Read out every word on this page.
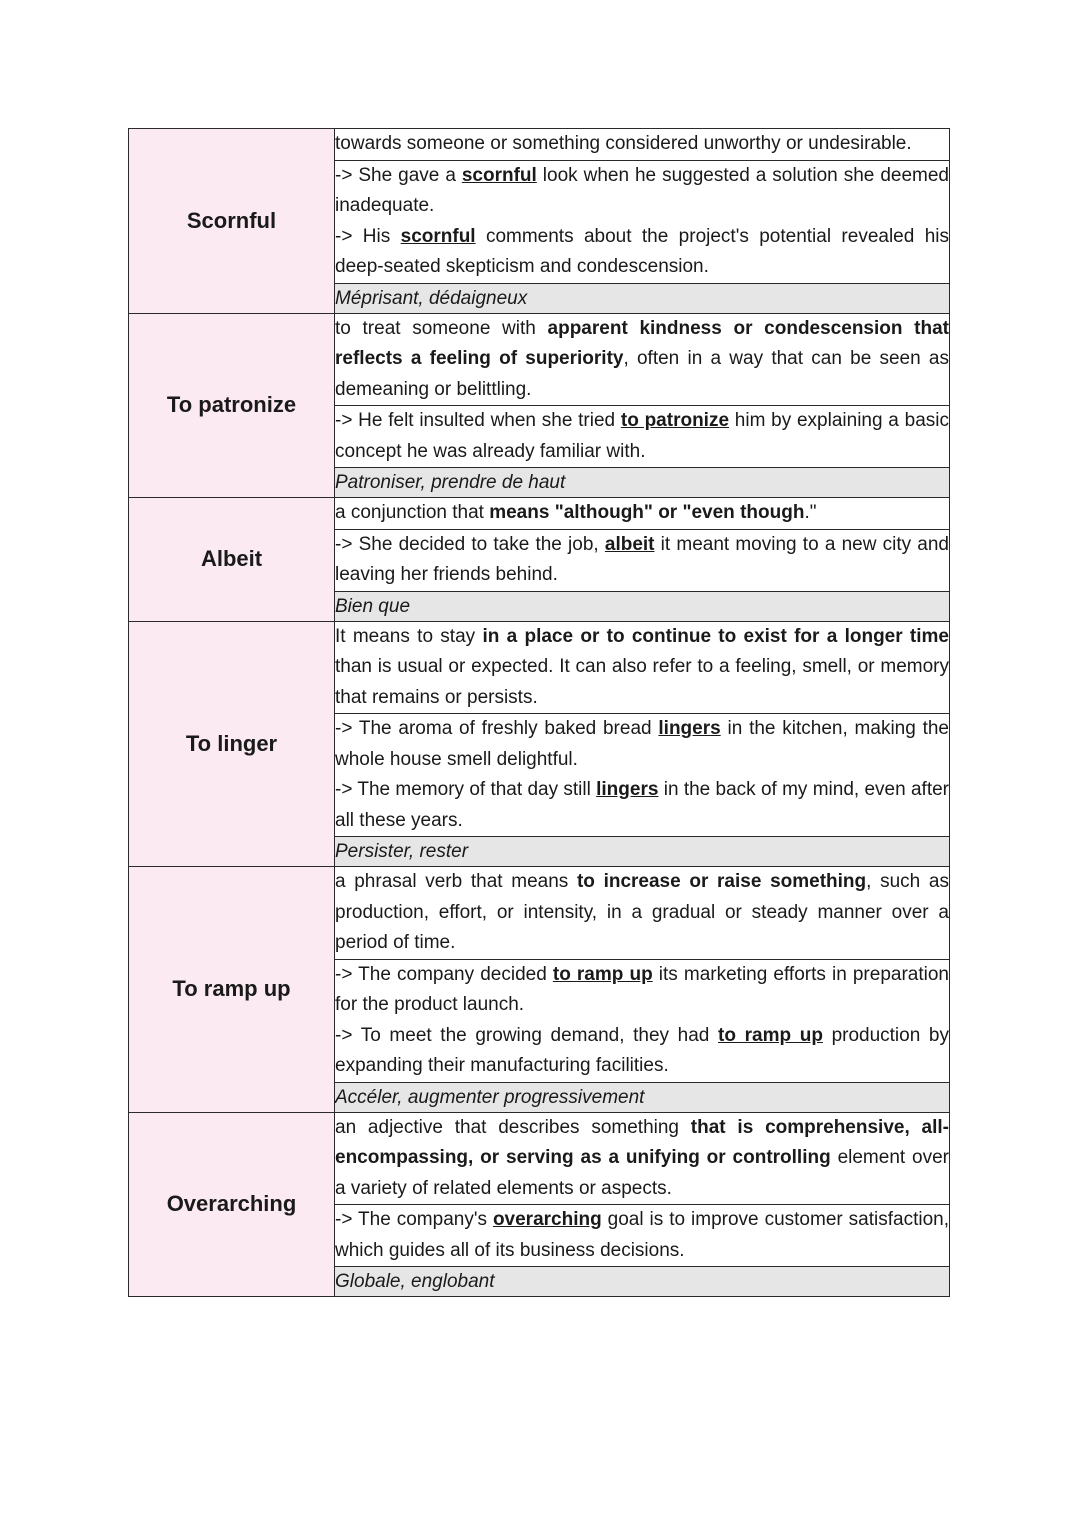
Scornful	towards someone or something considered unworthy or undesirable.

	-> She gave a scornful look when he suggested a solution she deemed inadequate.
-> His scornful comments about the project's potential revealed his deep-seated skepticism and condescension.

	Méprisant, dédaigneux
To patronize	to treat someone with apparent kindness or condescension that reflects a feeling of superiority, often in a way that can be seen as demeaning or belittling.

	-> He felt insulted when she tried to patronize him by explaining a basic concept he was already familiar with.

	Patroniser, prendre de haut
Albeit	a conjunction that means "although" or "even though."

	-> She decided to take the job, albeit it meant moving to a new city and leaving her friends behind.

	Bien que
To linger	It means to stay in a place or to continue to exist for a longer time than is usual or expected. It can also refer to a feeling, smell, or memory that remains or persists.

	-> The aroma of freshly baked bread lingers in the kitchen, making the whole house smell delightful.
-> The memory of that day still lingers in the back of my mind, even after all these years.

	Persister, rester
To ramp up	a phrasal verb that means to increase or raise something, such as production, effort, or intensity, in a gradual or steady manner over a period of time.

	-> The company decided to ramp up its marketing efforts in preparation for the product launch.
-> To meet the growing demand, they had to ramp up production by expanding their manufacturing facilities.

	Accéler, augmenter progressivement
Overarching	an adjective that describes something that is comprehensive, all-encompassing, or serving as a unifying or controlling element over a variety of related elements or aspects.

	-> The company's overarching goal is to improve customer satisfaction, which guides all of its business decisions.

	Globale, englobant
